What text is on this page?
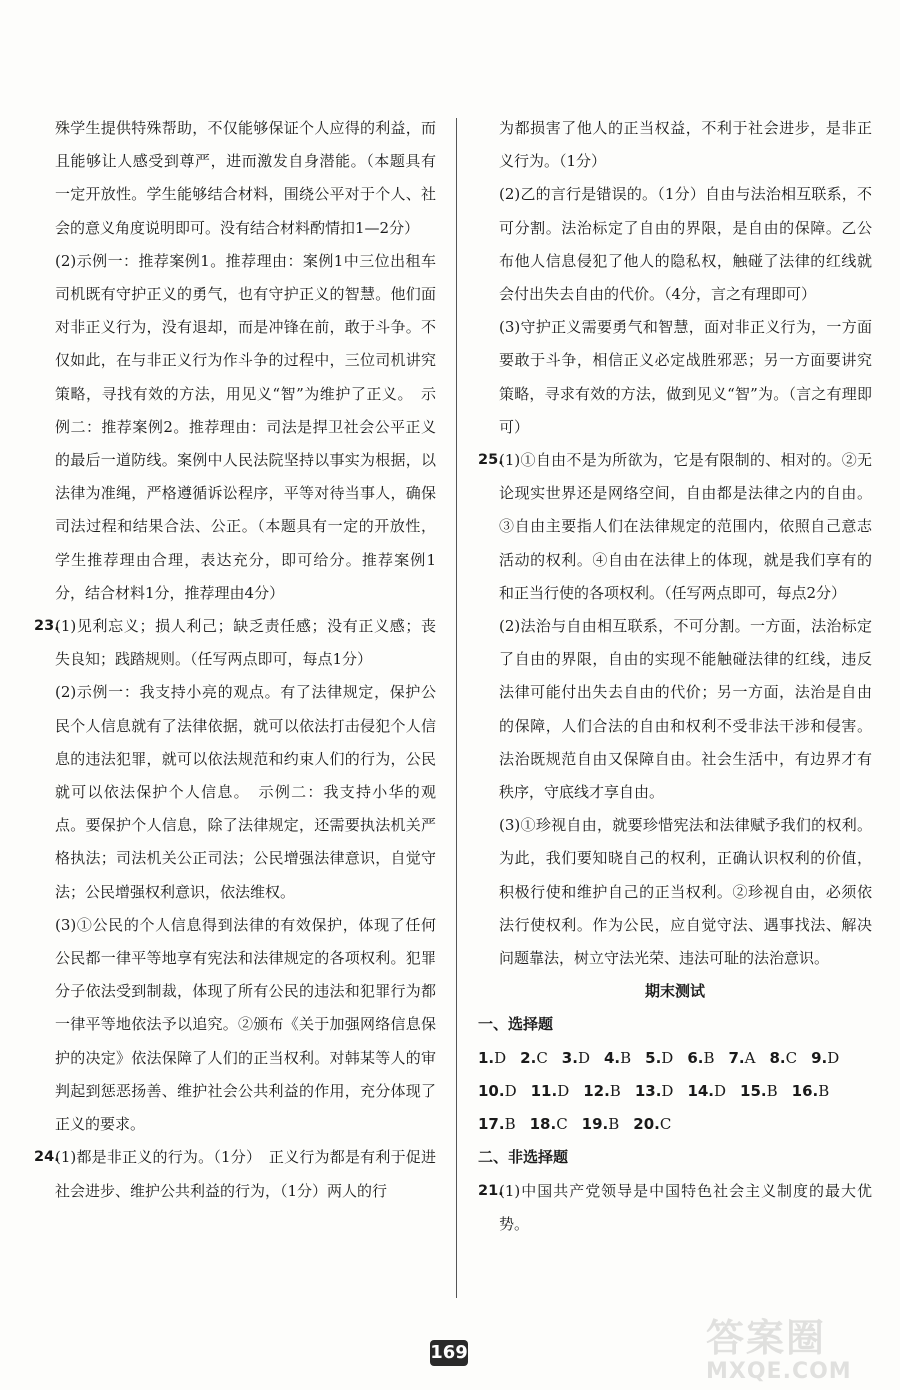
殊学生提供特殊帮助，不仅能够保证个人应得的利益，而且能够让人感受到尊严，进而激发自身潜能。（本题具有一定开放性。学生能够结合材料，围绕公平对于个人、社会的意义角度说明即可。没有结合材料酌情扣1—2分）

(2)示例一：推荐案例1。推荐理由：案例1中三位出租车司机既有守护正义的勇气，也有守护正义的智慧。他们面对非正义行为，没有退却，而是冲锋在前，敢于斗争。不仅如此，在与非正义行为作斗争的过程中，三位司机讲究策略，寻找有效的方法，用见义“智”为维护了正义。　示例二：推荐案例2。推荐理由：司法是捍卫社会公平正义的最后一道防线。案例中人民法院坚持以事实为根据，以法律为准绳，严格遵循诉讼程序，平等对待当事人，确保司法过程和结果合法、公正。（本题具有一定的开放性，学生推荐理由合理，表达充分，即可给分。推荐案例1分，结合材料1分，推荐理由4分）

23.

(1)见利忘义；损人利己；缺乏责任感；没有正义感；丧失良知；践踏规则。（任写两点即可，每点1分）

(2)示例一：我支持小亮的观点。有了法律规定，保护公民个人信息就有了法律依据，就可以依法打击侵犯个人信息的违法犯罪，就可以依法规范和约束人们的行为，公民就可以依法保护个人信息。　示例二：我支持小华的观点。要保护个人信息，除了法律规定，还需要执法机关严格执法；司法机关公正司法；公民增强法律意识，自觉守法；公民增强权利意识，依法维权。

(3)①公民的个人信息得到法律的有效保护，体现了任何公民都一律平等地享有宪法和法律规定的各项权利。犯罪分子依法受到制裁，体现了所有公民的违法和犯罪行为都一律平等地依法予以追究。②颁布《关于加强网络信息保护的决定》依法保障了人们的正当权利。对韩某等人的审判起到惩恶扬善、维护社会公共利益的作用，充分体现了正义的要求。

24.

(1)都是非正义的行为。（1分）　正义行为都是有利于促进社会进步、维护公共利益的行为，（1分）两人的行

为都损害了他人的正当权益，不利于社会进步，是非正义行为。（1分）

(2)乙的言行是错误的。（1分）自由与法治相互联系，不可分割。法治标定了自由的界限，是自由的保障。乙公布他人信息侵犯了他人的隐私权，触碰了法律的红线就会付出失去自由的代价。（4分，言之有理即可）

(3)守护正义需要勇气和智慧，面对非正义行为，一方面要敢于斗争，相信正义必定战胜邪恶；另一方面要讲究策略，寻求有效的方法，做到见义“智”为。（言之有理即可）

25.

(1)①自由不是为所欲为，它是有限制的、相对的。②无论现实世界还是网络空间，自由都是法律之内的自由。③自由主要指人们在法律规定的范围内，依照自己意志活动的权利。④自由在法律上的体现，就是我们享有的和正当行使的各项权利。（任写两点即可，每点2分）

(2)法治与自由相互联系，不可分割。一方面，法治标定了自由的界限，自由的实现不能触碰法律的红线，违反法律可能付出失去自由的代价；另一方面，法治是自由的保障，人们合法的自由和权利不受非法干涉和侵害。法治既规范自由又保障自由。社会生活中，有边界才有秩序，守底线才享自由。

(3)①珍视自由，就要珍惜宪法和法律赋予我们的权利。为此，我们要知晓自己的权利，正确认识权利的价值，积极行使和维护自己的正当权利。②珍视自由，必须依法行使权利。作为公民，应自觉守法、遇事找法、解决问题靠法，树立守法光荣、违法可耻的法治意识。

期末测试
一、选择题
1.D 2.C 3.D 4.B 5.D 6.B 7.A 8.C 9.D
10.D 11.D 12.B 13.D 14.D 15.B 16.B
17.B 18.C 19.B 20.C
二、非选择题
21.

(1)中国共产党领导是中国特色社会主义制度的最大优势。

169	答案圈
MXQE.COM
